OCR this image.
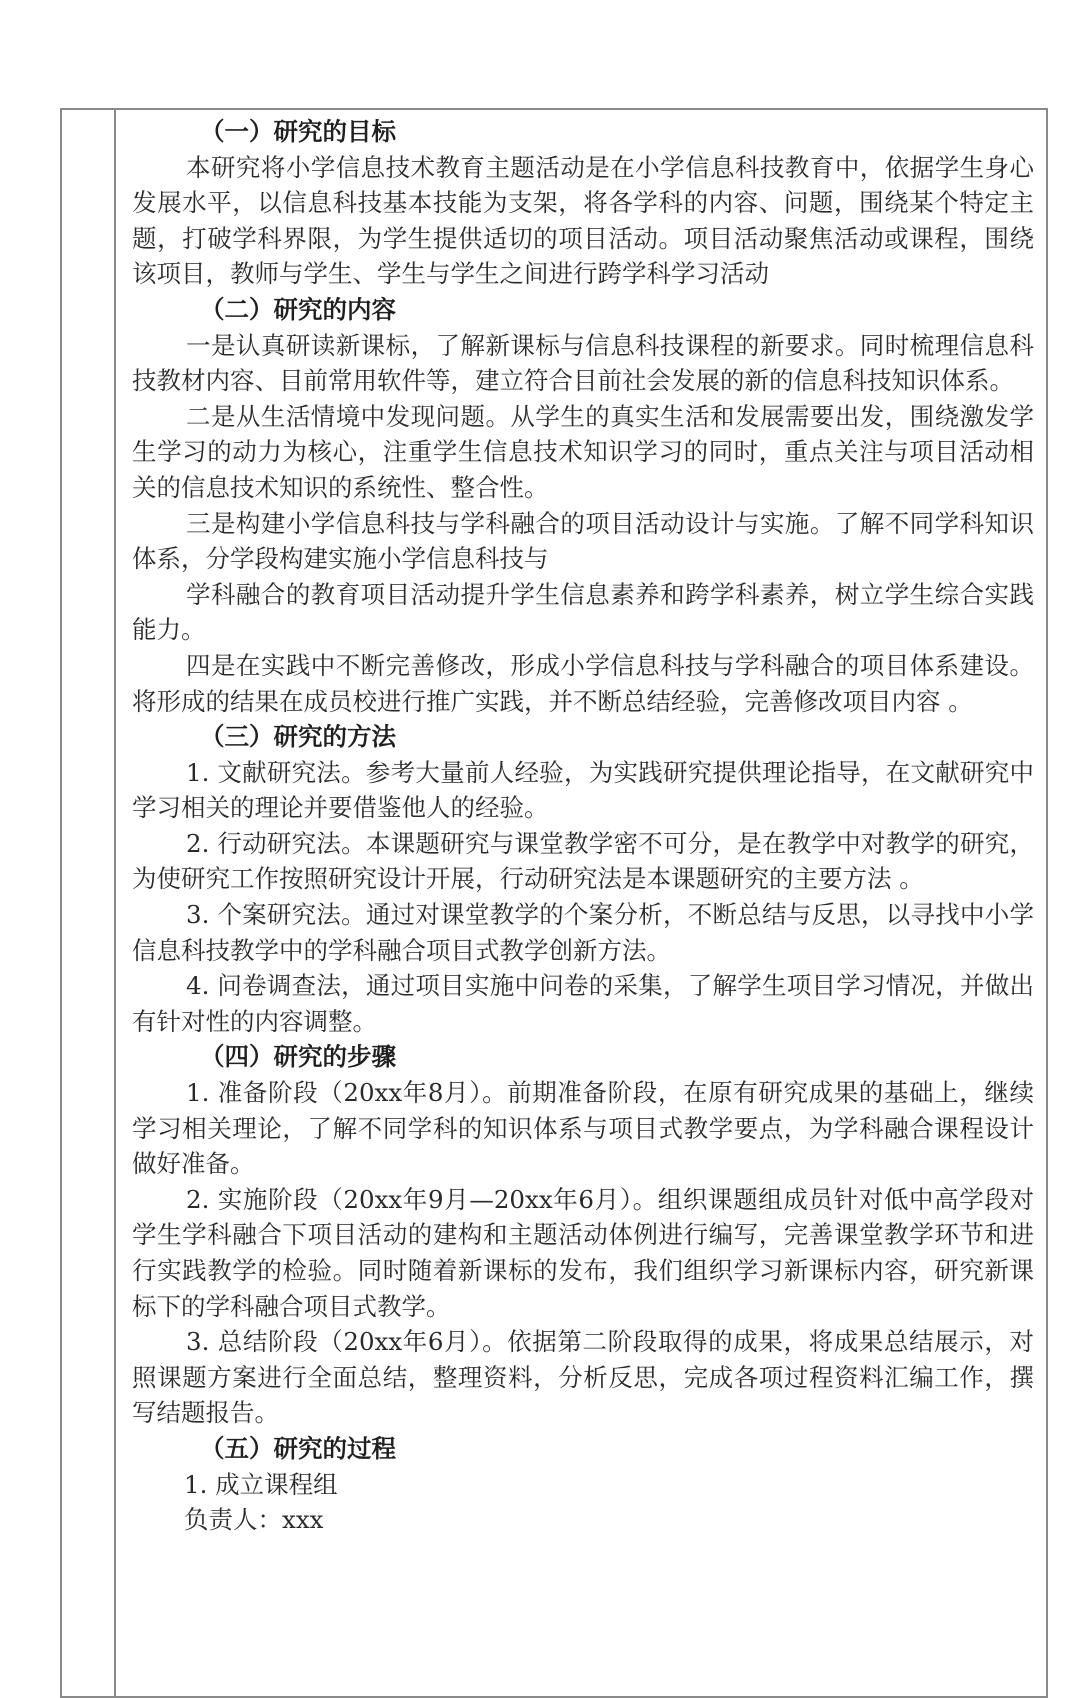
（一）研究的目标

本研究将小学信息技术教育主题活动是在小学信息科技教育中，依据学生身心发展水平，以信息科技基本技能为支架，将各学科的内容、问题，围绕某个特定主题，打破学科界限，为学生提供适切的项目活动。项目活动聚焦活动或课程，围绕该项目，教师与学生、学生与学生之间进行跨学科学习活动

（二）研究的内容

一是认真研读新课标，了解新课标与信息科技课程的新要求。同时梳理信息科技教材内容、目前常用软件等，建立符合目前社会发展的新的信息科技知识体系。

二是从生活情境中发现问题。从学生的真实生活和发展需要出发，围绕激发学生学习的动力为核心，注重学生信息技术知识学习的同时，重点关注与项目活动相关的信息技术知识的系统性、整合性。

三是构建小学信息科技与学科融合的项目活动设计与实施。了解不同学科知识体系，分学段构建实施小学信息科技与

学科融合的教育项目活动提升学生信息素养和跨学科素养，树立学生综合实践能力。

四是在实践中不断完善修改，形成小学信息科技与学科融合的项目体系建设。将形成的结果在成员校进行推广实践，并不断总结经验，完善修改项目内容 。

（三）研究的方法

1. 文献研究法。参考大量前人经验，为实践研究提供理论指导，在文献研究中学习相关的理论并要借鉴他人的经验。

2. 行动研究法。本课题研究与课堂教学密不可分，是在教学中对教学的研究，为使研究工作按照研究设计开展，行动研究法是本课题研究的主要方法 。

3. 个案研究法。通过对课堂教学的个案分析，不断总结与反思，以寻找中小学信息科技教学中的学科融合项目式教学创新方法。

4. 问卷调查法，通过项目实施中问卷的采集，了解学生项目学习情况，并做出有针对性的内容调整。

（四）研究的步骤

1. 准备阶段（20xx年8月）。前期准备阶段，在原有研究成果的基础上，继续学习相关理论，了解不同学科的知识体系与项目式教学要点，为学科融合课程设计做好准备。

2. 实施阶段（20xx年9月—20xx年6月）。组织课题组成员针对低中高学段对学生学科融合下项目活动的建构和主题活动体例进行编写，完善课堂教学环节和进行实践教学的检验。同时随着新课标的发布，我们组织学习新课标内容，研究新课标下的学科融合项目式教学。

3. 总结阶段（20xx年6月）。依据第二阶段取得的成果，将成果总结展示，对照课题方案进行全面总结，整理资料，分析反思，完成各项过程资料汇编工作，撰写结题报告。

（五）研究的过程
1. 成立课程组
负责人：xxx
